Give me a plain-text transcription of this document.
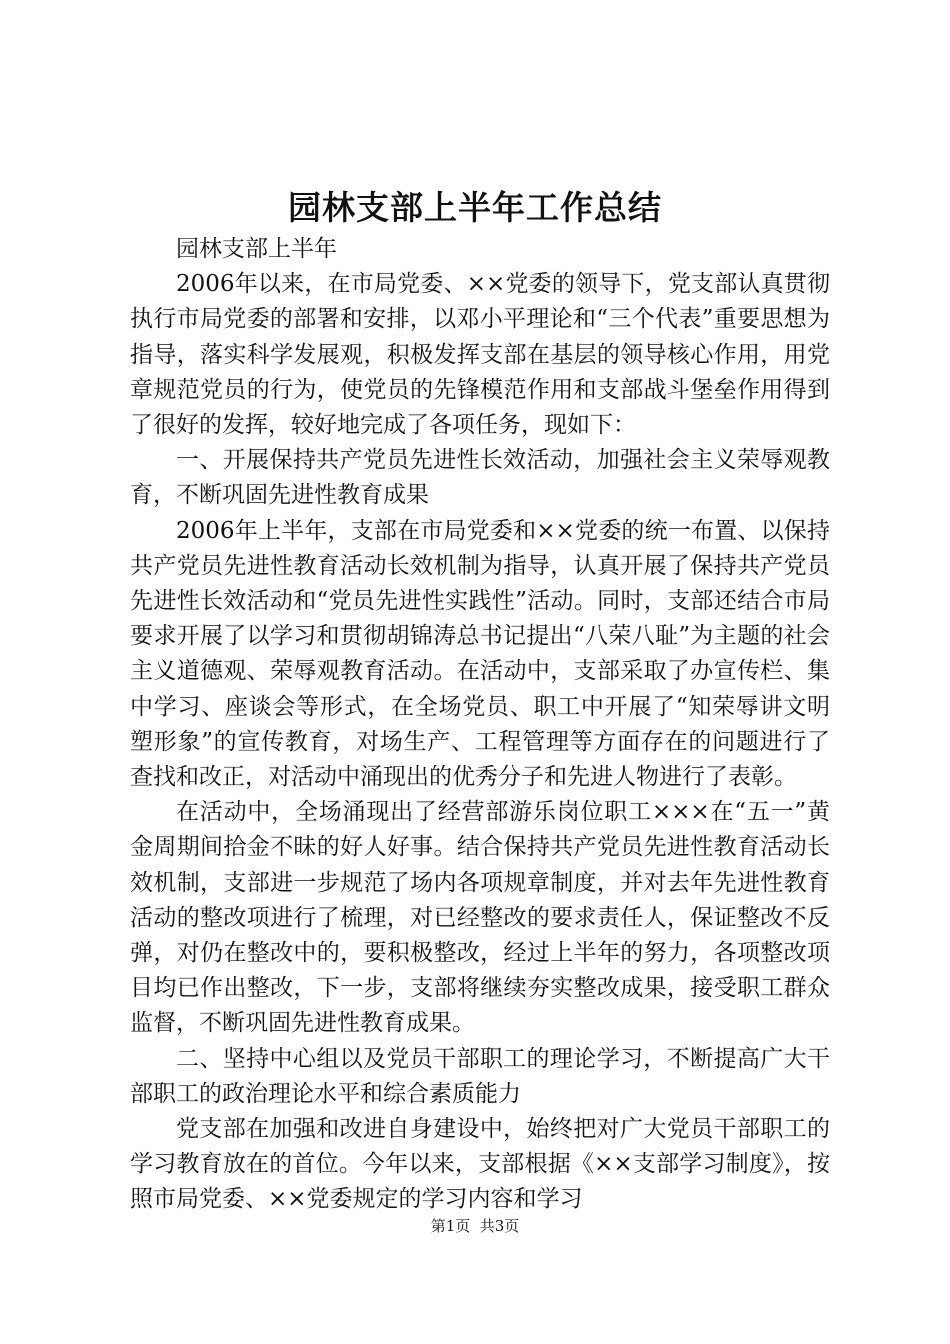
园林支部上半年工作总结

园林支部上半年

2006年以来，在市局党委、××党委的领导下，党支部认真贯彻执行市局党委的部署和安排，以邓小平理论和“三个代表”重要思想为指导，落实科学发展观，积极发挥支部在基层的领导核心作用，用党章规范党员的行为，使党员的先锋模范作用和支部战斗堡垒作用得到了很好的发挥，较好地完成了各项任务，现如下：

一、开展保持共产党员先进性长效活动，加强社会主义荣辱观教育，不断巩固先进性教育成果

2006年上半年，支部在市局党委和××党委的统一布置、以保持共产党员先进性教育活动长效机制为指导，认真开展了保持共产党员先进性长效活动和“党员先进性实践性”活动。同时，支部还结合市局要求开展了以学习和贯彻胡锦涛总书记提出“八荣八耻”为主题的社会主义道德观、荣辱观教育活动。在活动中，支部采取了办宣传栏、集中学习、座谈会等形式，在全场党员、职工中开展了“知荣辱讲文明塑形象”的宣传教育，对场生产、工程管理等方面存在的问题进行了查找和改正，对活动中涌现出的优秀分子和先进人物进行了表彰。

在活动中，全场涌现出了经营部游乐岗位职工×××在“五一”黄金周期间拾金不昧的好人好事。结合保持共产党员先进性教育活动长效机制，支部进一步规范了场内各项规章制度，并对去年先进性教育活动的整改项进行了梳理，对已经整改的要求责任人，保证整改不反弹，对仍在整改中的，要积极整改，经过上半年的努力，各项整改项目均已作出整改，下一步，支部将继续夯实整改成果，接受职工群众监督，不断巩固先进性教育成果。

二、坚持中心组以及党员干部职工的理论学习，不断提高广大干部职工的政治理论水平和综合素质能力

党支部在加强和改进自身建设中，始终把对广大党员干部职工的学习教育放在的首位。今年以来，支部根据《××支部学习制度》，按照市局党委、××党委规定的学习内容和学习

第1页  共3页
